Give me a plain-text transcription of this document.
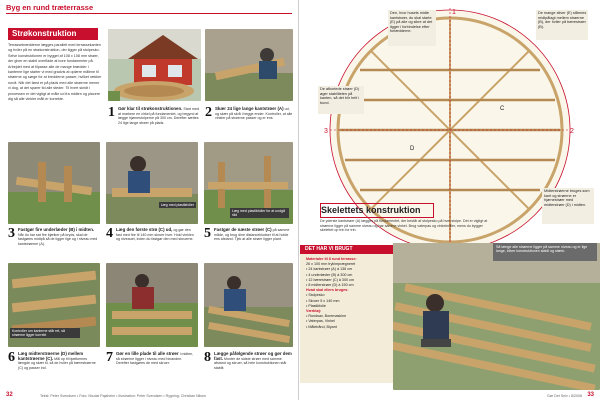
Byg en rund træterrasse
Strøkonstruktion
Terrassebrædderne lægges parallelt med terrassekanten og hviler på en strøkonstruktion, der ligger på stolpesko. Selve konstruktionen er bygget af 108 x 108 mm strøer, der giver en stabil overflade at bore fundamenter på. Arbejdet med at tilpasse alle de mange brædder i kanterne lige starter vi med gradvis at oplære målene til strøerne og sørge for at bredderne passer, hvilket rækker rundt. Når det først er på plads med alle strøerne mener vi dog, at det sparer tid alle steder. Til hvert skridt i processen er det vigtigt at måle ud fra midten og placere dig så alle vinkler målt er korrekte.
1 Gør klar til strøkonstruktionen. Start med at markere en cirkel på fundamentet, og begynd at lægge hjørnestolperne på 300 cm. Derefter sættes 24 lige lange strøer på plads.
2 Skær 24 lige lange kantstrøer (A) ud, og skær på skrå i begge ender. Kontroller, at alle vinkler på strøerne passer og er ens.
Læg med plastikfolier
Læg med plastikfolier for at undgå råd
3 Fastgør fire underlæder (B) i midten. Når du har sat fire bjælker på kryds, skal de fastgøres midtpå så de ligger lige og i niveau med kantstrøerne (A).
4 Læg den første strø (C) ud, og gør den fast med fire til 140 mm skruer hver. Hold vinklen og niveauet, inden du fastgør den med skruerne. 5 Fastgør de næste strøer (C) på samme måde, og brug dine distanceklodser til at holde ens afstand. Tjek at alle strøer ligger plant.
Kontroller om kanterne står ret, så strøerne ligger korrekt
6 Læg midterstrøerne (D) mellem kantstrøerne (C). Mål op til bjælkernes længde og skær til, så de hviler på bærestrøerne (C) og passer ind.
7 Gør en lille plade til alle strøer i midten, så strøerne ligger i niveau med hinanden. Derefter fastgøres de med skruer.	8 Lægge påfølgende strøer og gør dem fast. Monter de sidste strøer med samme afstand og skruer, så hele konstruktionen står stabilt.
32	Tekst: Peter Svendsen • Foto: Nicolai Pajaheim • Illustration: Peter Svendsen • Rygning: Christian Nilsen
3	2
1
C
D
Den, hvor husets midte kantstrøer, du skal starte (E) på alle og sikre at det ligger i forbindelse efter forlædderne.
De mange stiver (E) stårmes midtpålagt mellem strøerne (B), der hviler på bærestrøer (B).
De afkortede strøer (D) øger stabiliteten på kanten, så det blir helt i bund.
Midterstrøerne bruges som kant og strøerne er hjørnestrøer med midterstrøer (D) i midten.
Skelettets konstruktion
De yderste kantstrøer (A) lægges på fundamentet, der består af stolpesko på hver stolpe. Det er vigtigt at strøerne ligger på samme niveau og har samme vinkel. Brug vaterpas og vinkelmåler, mens du bygger skelettet op trin for trin.
Så længe alle strøerne ligger på samme niveau og er lige lange, bliver konstruktionen stabil og stærk.
DET HAR VI BRUGT
Materialer til 8 rund terrasse:
26 x 100 mm trykimprægneret
• 24 kantstrøer (A) á 136 cm
• 4 underlæder (B) á 300 cm
• 12 bærestrøer (C) á 300 cm
• 8 midterstrøer (D) á 150 cm
Hvad skal ellers bruges:
• Stolpesko
• Skruer 5 x 140 mm
• Plastikfolie
Værktøj:
• Rundsav, Boremaskine
• Vaterpas, Vinkel
• Målebånd, Blyant
Gør Det Selv • 8/2008 33
